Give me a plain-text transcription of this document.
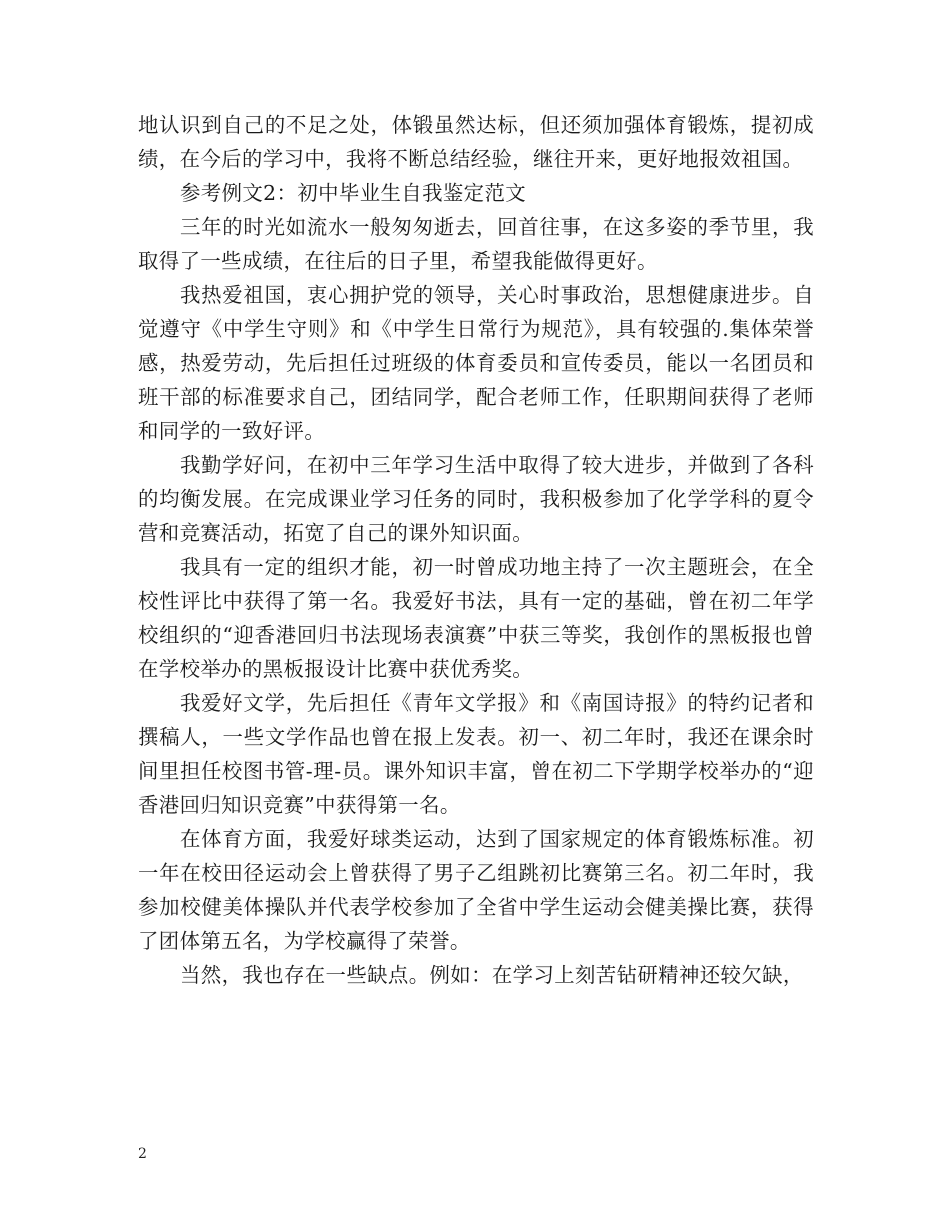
地认识到自己的不足之处，体锻虽然达标，但还须加强体育锻炼，提初成绩，在今后的学习中，我将不断总结经验，继往开来，更好地报效祖国。

参考例文2：初中毕业生自我鉴定范文

三年的时光如流水一般匆匆逝去，回首往事，在这多姿的季节里，我取得了一些成绩，在往后的日子里，希望我能做得更好。

我热爱祖国，衷心拥护党的领导，关心时事政治，思想健康进步。自觉遵守《中学生守则》和《中学生日常行为规范》，具有较强的.集体荣誉感，热爱劳动，先后担任过班级的体育委员和宣传委员，能以一名团员和班干部的标准要求自己，团结同学，配合老师工作，任职期间获得了老师和同学的一致好评。

我勤学好问，在初中三年学习生活中取得了较大进步，并做到了各科的均衡发展。在完成课业学习任务的同时，我积极参加了化学学科的夏令营和竞赛活动，拓宽了自己的课外知识面。

我具有一定的组织才能，初一时曾成功地主持了一次主题班会，在全校性评比中获得了第一名。我爱好书法，具有一定的基础，曾在初二年学校组织的“迎香港回归书法现场表演赛”中获三等奖，我创作的黑板报也曾在学校举办的黑板报设计比赛中获优秀奖。

我爱好文学，先后担任《青年文学报》和《南国诗报》的特约记者和撰稿人，一些文学作品也曾在报上发表。初一、初二年时，我还在课余时间里担任校图书管-理-员。课外知识丰富，曾在初二下学期学校举办的“迎香港回归知识竞赛”中获得第一名。

在体育方面，我爱好球类运动，达到了国家规定的体育锻炼标准。初一年在校田径运动会上曾获得了男子乙组跳初比赛第三名。初二年时，我参加校健美体操队并代表学校参加了全省中学生运动会健美操比赛，获得了团体第五名，为学校赢得了荣誉。

当然，我也存在一些缺点。例如：在学习上刻苦钻研精神还较欠缺，

2
